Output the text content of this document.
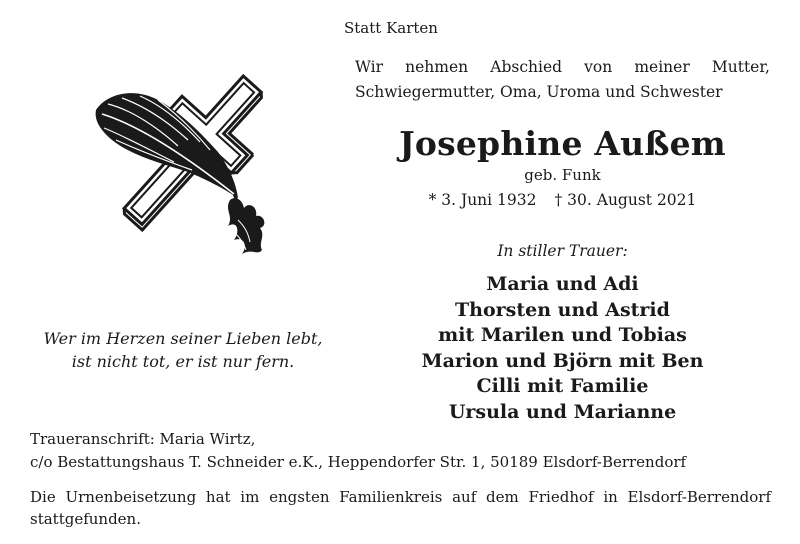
Statt Karten
Wir nehmen Abschied von meiner Mutter,
Schwiegermutter, Oma, Uroma und Schwester
Josephine Außem
geb. Funk
* 3. Juni 1932 † 30. August 2021
In stiller Trauer:
Maria und Adi
Thorsten und Astrid
mit Marilen und Tobias
Marion und Björn mit Ben
Cilli mit Familie
Ursula und Marianne
Wer im Herzen seiner Lieben lebt,
ist nicht tot, er ist nur fern.
Traueranschrift: Maria Wirtz,
c/o Bestattungshaus T. Schneider e.K., Heppendorfer Str. 1, 50189 Elsdorf-Berrendorf
Die Urnenbeisetzung hat im engsten Familienkreis auf dem Friedhof in Elsdorf-Berrendorf stattgefunden.
